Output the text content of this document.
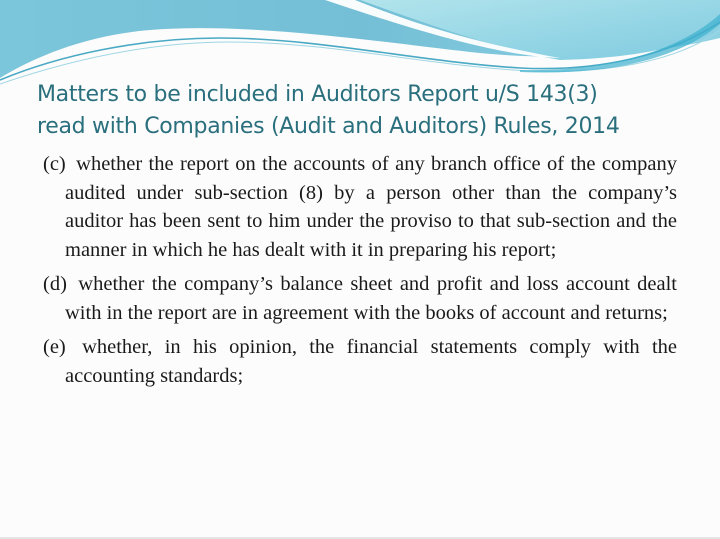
Matters to be included in Auditors Report u/S 143(3)
read with Companies (Audit and Auditors) Rules, 2014
(c) whether the report on the accounts of any branch office of the company audited under sub-section (8) by a person other than the company’s auditor has been sent to him under the proviso to that sub-section and the manner in which he has dealt with it in preparing his report;
(d) whether the company’s balance sheet and profit and loss account dealt with in the report are in agreement with the books of account and returns;
(e) whether, in his opinion, the financial statements comply with the accounting standards;
